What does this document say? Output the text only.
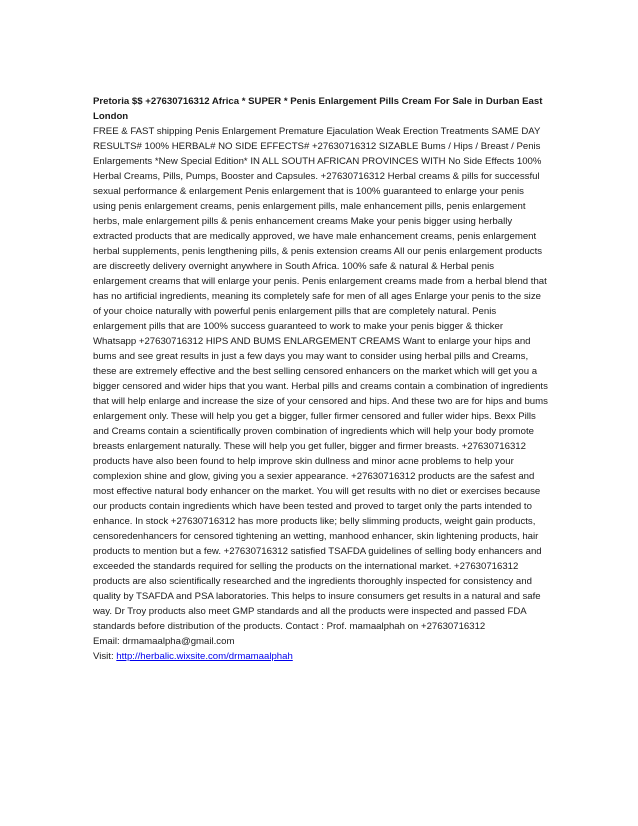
Pretoria $$ +27630716312 Africa * SUPER * Penis Enlargement Pills Cream For Sale in Durban East London

FREE & FAST shipping Penis Enlargement Premature Ejaculation Weak Erection Treatments SAME DAY RESULTS# 100% HERBAL# NO SIDE EFFECTS# +27630716312 SIZABLE Bums / Hips / Breast / Penis Enlargements *New Special Edition* IN ALL SOUTH AFRICAN PROVINCES WITH No Side Effects 100% Herbal Creams, Pills, Pumps, Booster and Capsules. +27630716312 Herbal creams & pills for successful sexual performance & enlargement Penis enlargement that is 100% guaranteed to enlarge your penis using penis enlargement creams, penis enlargement pills, male enhancement pills, penis enlargement herbs, male enlargement pills & penis enhancement creams Make your penis bigger using herbally extracted products that are medically approved, we have male enhancement creams, penis enlargement herbal supplements, penis lengthening pills, & penis extension creams All our penis enlargement products are discreetly delivery overnight anywhere in South Africa. 100% safe & natural & Herbal penis enlargement creams that will enlarge your penis. Penis enlargement creams made from a herbal blend that has no artificial ingredients, meaning its completely safe for men of all ages Enlarge your penis to the size of your choice naturally with powerful penis enlargement pills that are completely natural. Penis enlargement pills that are 100% success guaranteed to work to make your penis bigger & thicker Whatsapp +27630716312 HIPS AND BUMS ENLARGEMENT CREAMS Want to enlarge your hips and bums and see great results in just a few days you may want to consider using herbal pills and Creams, these are extremely effective and the best selling censored enhancers on the market which will get you a bigger censored and wider hips that you want. Herbal pills and creams contain a combination of ingredients that will help enlarge and increase the size of your censored and hips. And these two are for hips and bums enlargement only. These will help you get a bigger, fuller firmer censored and fuller wider hips. Bexx Pills and Creams contain a scientifically proven combination of ingredients which will help your body promote breasts enlargement naturally. These will help you get fuller, bigger and firmer breasts. +27630716312 products have also been found to help improve skin dullness and minor acne problems to help your complexion shine and glow, giving you a sexier appearance. +27630716312 products are the safest and most effective natural body enhancer on the market. You will get results with no diet or exercises because our products contain ingredients which have been tested and proved to target only the parts intended to enhance. In stock +27630716312 has more products like; belly slimming products, weight gain products, censoredenhancers for censored tightening an wetting, manhood enhancer, skin lightening products, hair products to mention but a few. +27630716312 satisfied TSAFDA guidelines of selling body enhancers and exceeded the standards required for selling the products on the international market. +27630716312 products are also scientifically researched and the ingredients thoroughly inspected for consistency and quality by TSAFDA and PSA laboratories. This helps to insure consumers get results in a natural and safe way. Dr Troy products also meet GMP standards and all the products were inspected and passed FDA standards before distribution of the products. Contact : Prof. mamaalphah on +27630716312

Email: drmamaalpha@gmail.com

Visit: http://herbalic.wixsite.com/drmamaalphah
